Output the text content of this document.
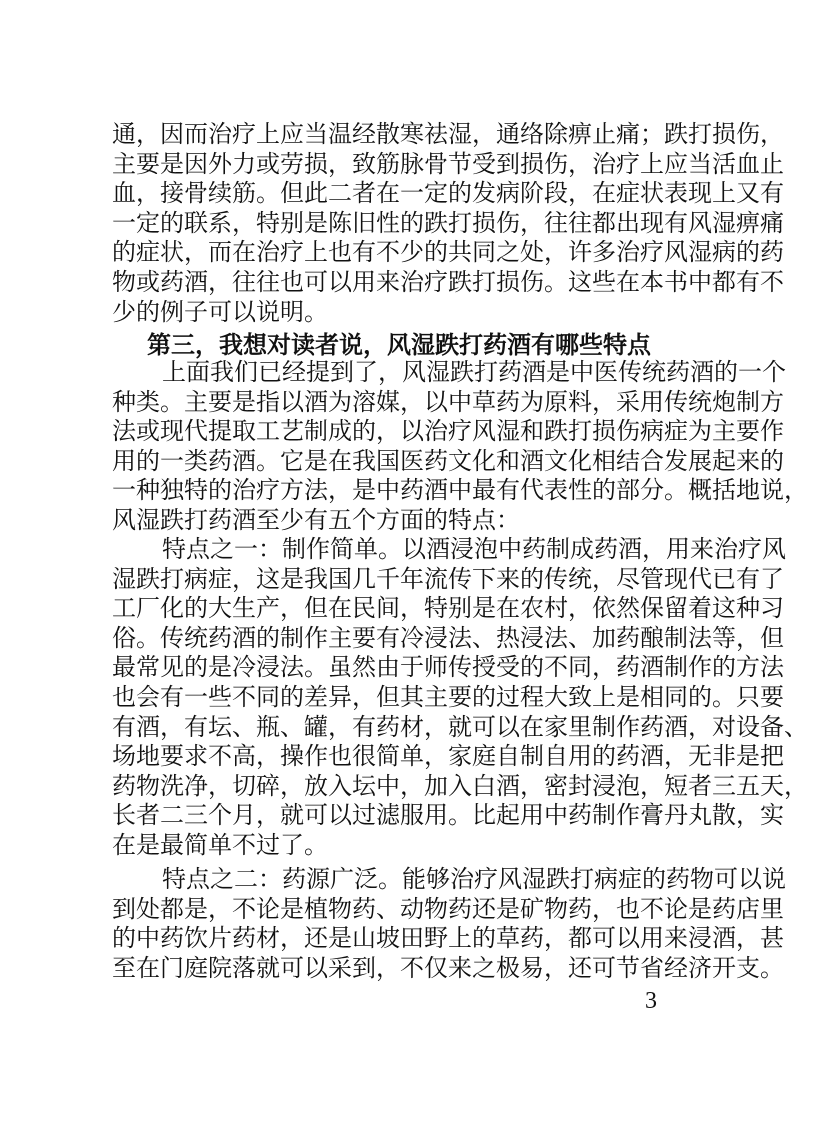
通，因而治疗上应当温经散寒祛湿，通络除痹止痛；跌打损伤，
主要是因外力或劳损，致筋脉骨节受到损伤，治疗上应当活血止
血，接骨续筋。但此二者在一定的发病阶段，在症状表现上又有
一定的联系，特别是陈旧性的跌打损伤，往往都出现有风湿痹痛
的症状，而在治疗上也有不少的共同之处，许多治疗风湿病的药
物或药酒，往往也可以用来治疗跌打损伤。这些在本书中都有不
少的例子可以说明。
第三，我想对读者说，风湿跌打药酒有哪些特点
上面我们已经提到了，风湿跌打药酒是中医传统药酒的一个
种类。主要是指以酒为溶媒，以中草药为原料，采用传统炮制方
法或现代提取工艺制成的，以治疗风湿和跌打损伤病症为主要作
用的一类药酒。它是在我国医药文化和酒文化相结合发展起来的
一种独特的治疗方法，是中药酒中最有代表性的部分。概括地说，
风湿跌打药酒至少有五个方面的特点：
特点之一：制作简单。以酒浸泡中药制成药酒，用来治疗风
湿跌打病症，这是我国几千年流传下来的传统，尽管现代已有了
工厂化的大生产，但在民间，特别是在农村，依然保留着这种习
俗。传统药酒的制作主要有冷浸法、热浸法、加药酿制法等，但
最常见的是冷浸法。虽然由于师传授受的不同，药酒制作的方法
也会有一些不同的差异，但其主要的过程大致上是相同的。只要
有酒，有坛、瓶、罐，有药材，就可以在家里制作药酒，对设备、
场地要求不高，操作也很简单，家庭自制自用的药酒，无非是把
药物洗净，切碎，放入坛中，加入白酒，密封浸泡，短者三五天，
长者二三个月，就可以过滤服用。比起用中药制作膏丹丸散，实
在是最简单不过了。
特点之二：药源广泛。能够治疗风湿跌打病症的药物可以说
到处都是，不论是植物药、动物药还是矿物药，也不论是药店里
的中药饮片药材，还是山坡田野上的草药，都可以用来浸酒，甚
至在门庭院落就可以采到，不仅来之极易，还可节省经济开支。
3
